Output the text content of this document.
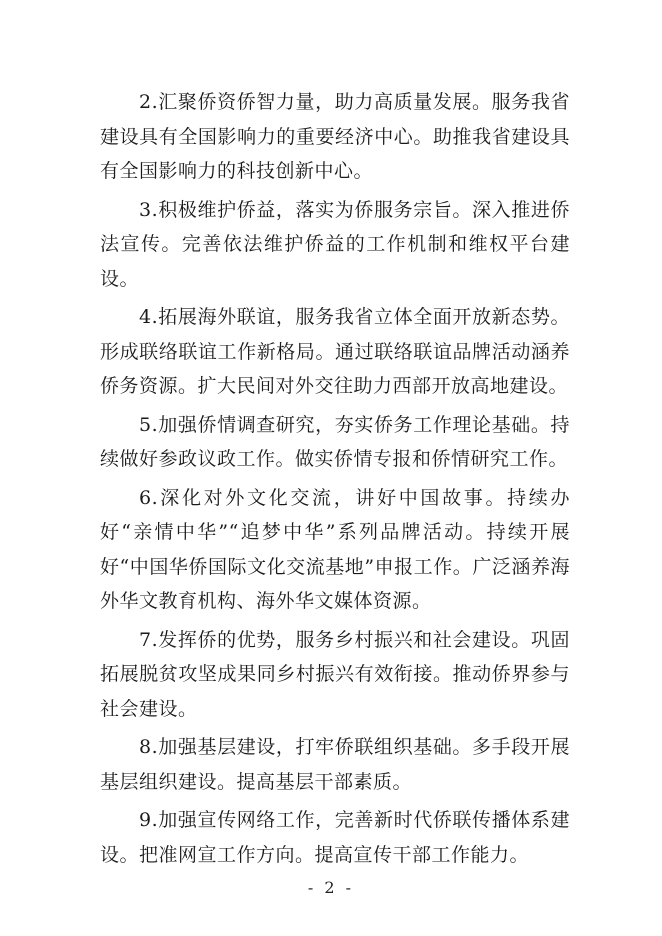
2.汇聚侨资侨智力量，助力高质量发展。服务我省建设具有全国影响力的重要经济中心。助推我省建设具有全国影响力的科技创新中心。

3.积极维护侨益，落实为侨服务宗旨。深入推进侨法宣传。完善依法维护侨益的工作机制和维权平台建设。

4.拓展海外联谊，服务我省立体全面开放新态势。形成联络联谊工作新格局。通过联络联谊品牌活动涵养侨务资源。扩大民间对外交往助力西部开放高地建设。

5.加强侨情调查研究，夯实侨务工作理论基础。持续做好参政议政工作。做实侨情专报和侨情研究工作。

6.深化对外文化交流，讲好中国故事。持续办好“亲情中华”“追梦中华”系列品牌活动。持续开展好“中国华侨国际文化交流基地”申报工作。广泛涵养海外华文教育机构、海外华文媒体资源。

7.发挥侨的优势，服务乡村振兴和社会建设。巩固拓展脱贫攻坚成果同乡村振兴有效衔接。推动侨界参与社会建设。

8.加强基层建设，打牢侨联组织基础。多手段开展基层组织建设。提高基层干部素质。

9.加强宣传网络工作，完善新时代侨联传播体系建设。把准网宣工作方向。提高宣传干部工作能力。

- 2 -
